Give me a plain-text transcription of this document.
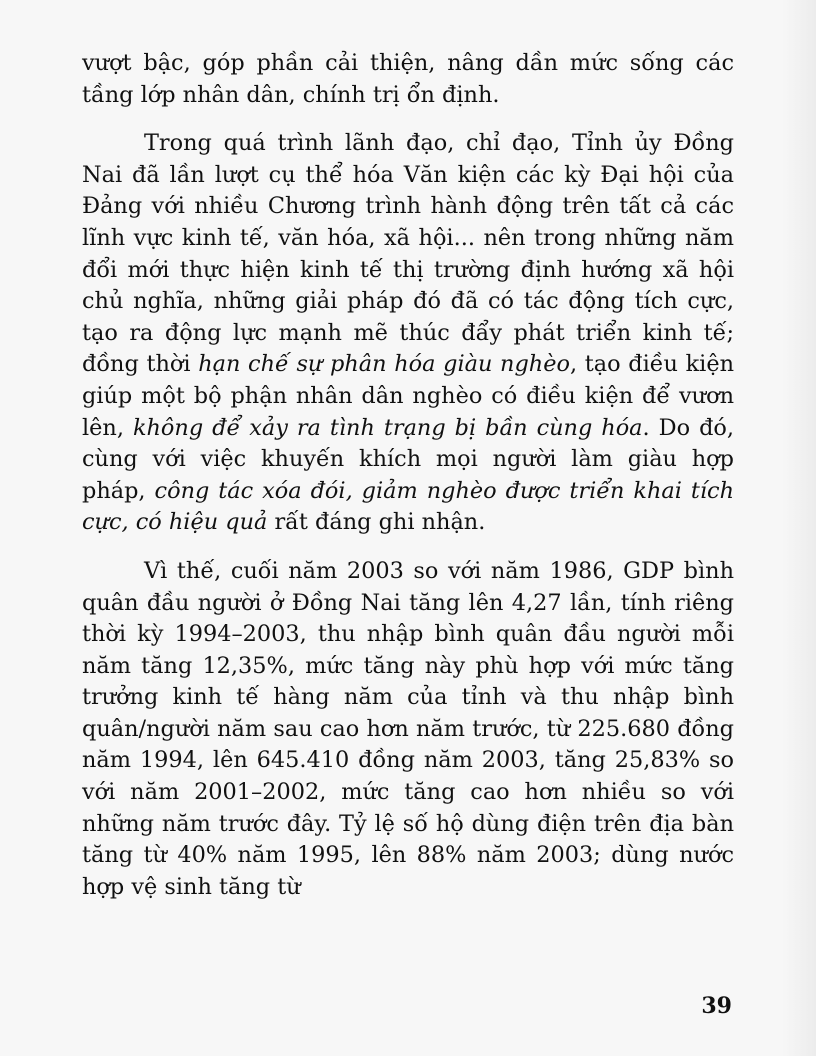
vượt bậc, góp phần cải thiện, nâng dần mức sống các tầng lớp nhân dân, chính trị ổn định.

Trong quá trình lãnh đạo, chỉ đạo, Tỉnh ủy Đồng Nai đã lần lượt cụ thể hóa Văn kiện các kỳ Đại hội của Đảng với nhiều Chương trình hành động trên tất cả các lĩnh vực kinh tế, văn hóa, xã hội... nên trong những năm đổi mới thực hiện kinh tế thị trường định hướng xã hội chủ nghĩa, những giải pháp đó đã có tác động tích cực, tạo ra động lực mạnh mẽ thúc đẩy phát triển kinh tế; đồng thời hạn chế sự phân hóa giàu nghèo, tạo điều kiện giúp một bộ phận nhân dân nghèo có điều kiện để vươn lên, không để xảy ra tình trạng bị bần cùng hóa. Do đó, cùng với việc khuyến khích mọi người làm giàu hợp pháp, công tác xóa đói, giảm nghèo được triển khai tích cực, có hiệu quả rất đáng ghi nhận.

Vì thế, cuối năm 2003 so với năm 1986, GDP bình quân đầu người ở Đồng Nai tăng lên 4,27 lần, tính riêng thời kỳ 1994–2003, thu nhập bình quân đầu người mỗi năm tăng 12,35%, mức tăng này phù hợp với mức tăng trưởng kinh tế hàng năm của tỉnh và thu nhập bình quân/người năm sau cao hơn năm trước, từ 225.680 đồng năm 1994, lên 645.410 đồng năm 2003, tăng 25,83% so với năm 2001–2002, mức tăng cao hơn nhiều so với những năm trước đây. Tỷ lệ số hộ dùng điện trên địa bàn tăng từ 40% năm 1995, lên 88% năm 2003; dùng nước hợp vệ sinh tăng từ

39
